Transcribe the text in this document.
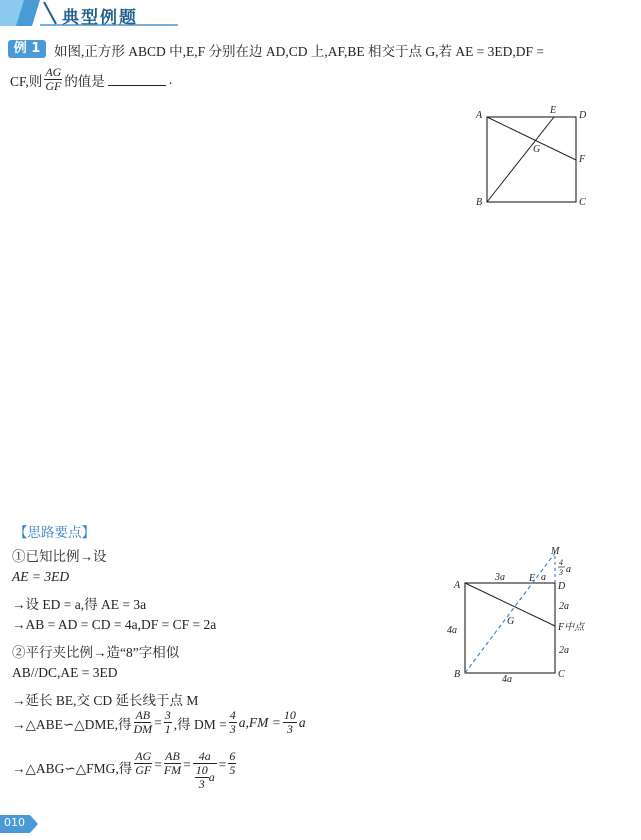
典型例题
例 1	如图,正方形 ABCD 中,E,F 分别在边 AD,CD 上,AF,BE 相交于点 G,若 AE = 3ED,DF =
CF,则 $\frac{AG}{GF}$ 的值是	.
A
B	C
D
E
F
G
【思路要点】
①已知比例→设
AE = 3ED
→设 ED = a,得 AE = 3a
→AB = AD = CD = 4a,DF = CF = 2a
②平行夹比例→造“8”字相似
AB//DC,AE = 3ED
→延长 BE,交 CD 延长线于点 M
→△ABE∽△DME,得 $\frac{AB}{DM} = \frac{3}{1}$ ,得 DM = $\frac{4}{3} a,FM = \frac{10}{3}$ a
→△ABG∽△FMG,得 $\frac{AG}{GF} = \frac{AB}{FM} = \frac{4a}{\frac{10}{3} a} = \frac{6}{5}$
M
A
E
D
B	C
F中点
G
3a	a
4
3 a
2a
2a
4a
4a
010
